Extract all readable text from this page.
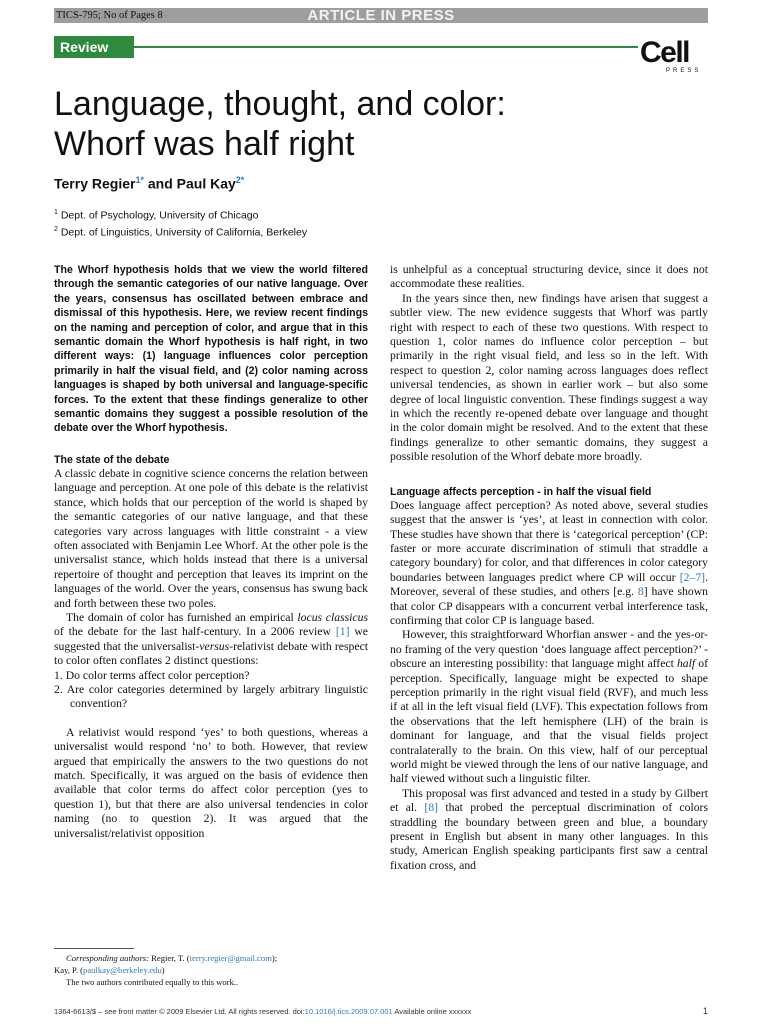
TICS-795; No of Pages 8	ARTICLE IN PRESS
Review	Cell
PRESS
Language, thought, and color:
Whorf was half right
Terry Regier$^{1*}$ and Paul Kay$^{2*}$
$^1$ Dept. of Psychology, University of Chicago
$^2$ Dept. of Linguistics, University of California, Berkeley

The Whorf hypothesis holds that we view the world filtered through the semantic categories of our native language. Over the years, consensus has oscillated between embrace and dismissal of this hypothesis. Here, we review recent findings on the naming and perception of color, and argue that in this semantic domain the Whorf hypothesis is half right, in two different ways: (1) language influences color perception primarily in half the visual field, and (2) color naming across languages is shaped by both universal and language-specific forces. To the extent that these findings generalize to other semantic domains they suggest a possible resolution of the debate over the Whorf hypothesis.

The state of the debate

A classic debate in cognitive science concerns the relation between language and perception. At one pole of this debate is the relativist stance, which holds that our perception of the world is shaped by the semantic categories of our native language, and that these categories vary across languages with little constraint - a view often associated with Benjamin Lee Whorf. At the other pole is the universalist stance, which holds instead that there is a universal repertoire of thought and perception that leaves its imprint on the languages of the world. Over the years, consensus has swung back and forth between these two poles.

The domain of color has furnished an empirical locus classicus of the debate for the last half-century. In a 2006 review [1] we suggested that the universalist-versus-relativist debate with respect to color often conflates 2 distinct questions:

1. Do color terms affect color perception?
2. Are color categories determined by largely arbitrary linguistic convention?

A relativist would respond ‘yes’ to both questions, whereas a universalist would respond ‘no’ to both. However, that review argued that empirically the answers to the two questions do not match. Specifically, it was argued on the basis of evidence then available that color terms do affect color perception (yes to question 1), but that there are also universal tendencies in color naming (no to question 2). It was argued that the universalist/relativist opposition

is unhelpful as a conceptual structuring device, since it does not accommodate these realities.

In the years since then, new findings have arisen that suggest a subtler view. The new evidence suggests that Whorf was partly right with respect to each of these two questions. With respect to question 1, color names do influence color perception – but primarily in the right visual field, and less so in the left. With respect to question 2, color naming across languages does reflect universal tendencies, as shown in earlier work – but also some degree of local linguistic convention. These findings suggest a way in which the recently re-opened debate over language and thought in the color domain might be resolved. And to the extent that these findings generalize to other semantic domains, they suggest a possible resolution of the Whorf debate more broadly.

Language affects perception - in half the visual field

Does language affect perception? As noted above, several studies suggest that the answer is ‘yes’, at least in connection with color. These studies have shown that there is ‘categorical perception’ (CP: faster or more accurate discrimination of stimuli that straddle a category boundary) for color, and that differences in color category boundaries between languages predict where CP will occur [2–7]. Moreover, several of these studies, and others [e.g. 8] have shown that color CP disappears with a concurrent verbal interference task, confirming that color CP is language based.

However, this straightforward Whorfian answer - and the yes-or-no framing of the very question ‘does language affect perception?’ - obscure an interesting possibility: that language might affect half of perception. Specifically, language might be expected to shape perception primarily in the right visual field (RVF), and much less if at all in the left visual field (LVF). This expectation follows from the observations that the left hemisphere (LH) of the brain is dominant for language, and that the visual fields project contralaterally to the brain. On this view, half of our perceptual world might be viewed through the lens of our native language, and half viewed without such a linguistic filter.

This proposal was first advanced and tested in a study by Gilbert et al. [8] that probed the perceptual discrimination of colors straddling the boundary between green and blue, a boundary present in English but absent in many other languages. In this study, American English speaking participants first saw a central fixation cross, and

Corresponding authors: Regier, T. (terry.regier@gmail.com);
Kay, P. (paulkay@berkeley.edu)
The two authors contributed equally to this work..
1364-6613/$ – see front matter © 2009 Elsevier Ltd. All rights reserved. doi:10.1016/j.tics.2009.07.001 Available online xxxxxx	1
